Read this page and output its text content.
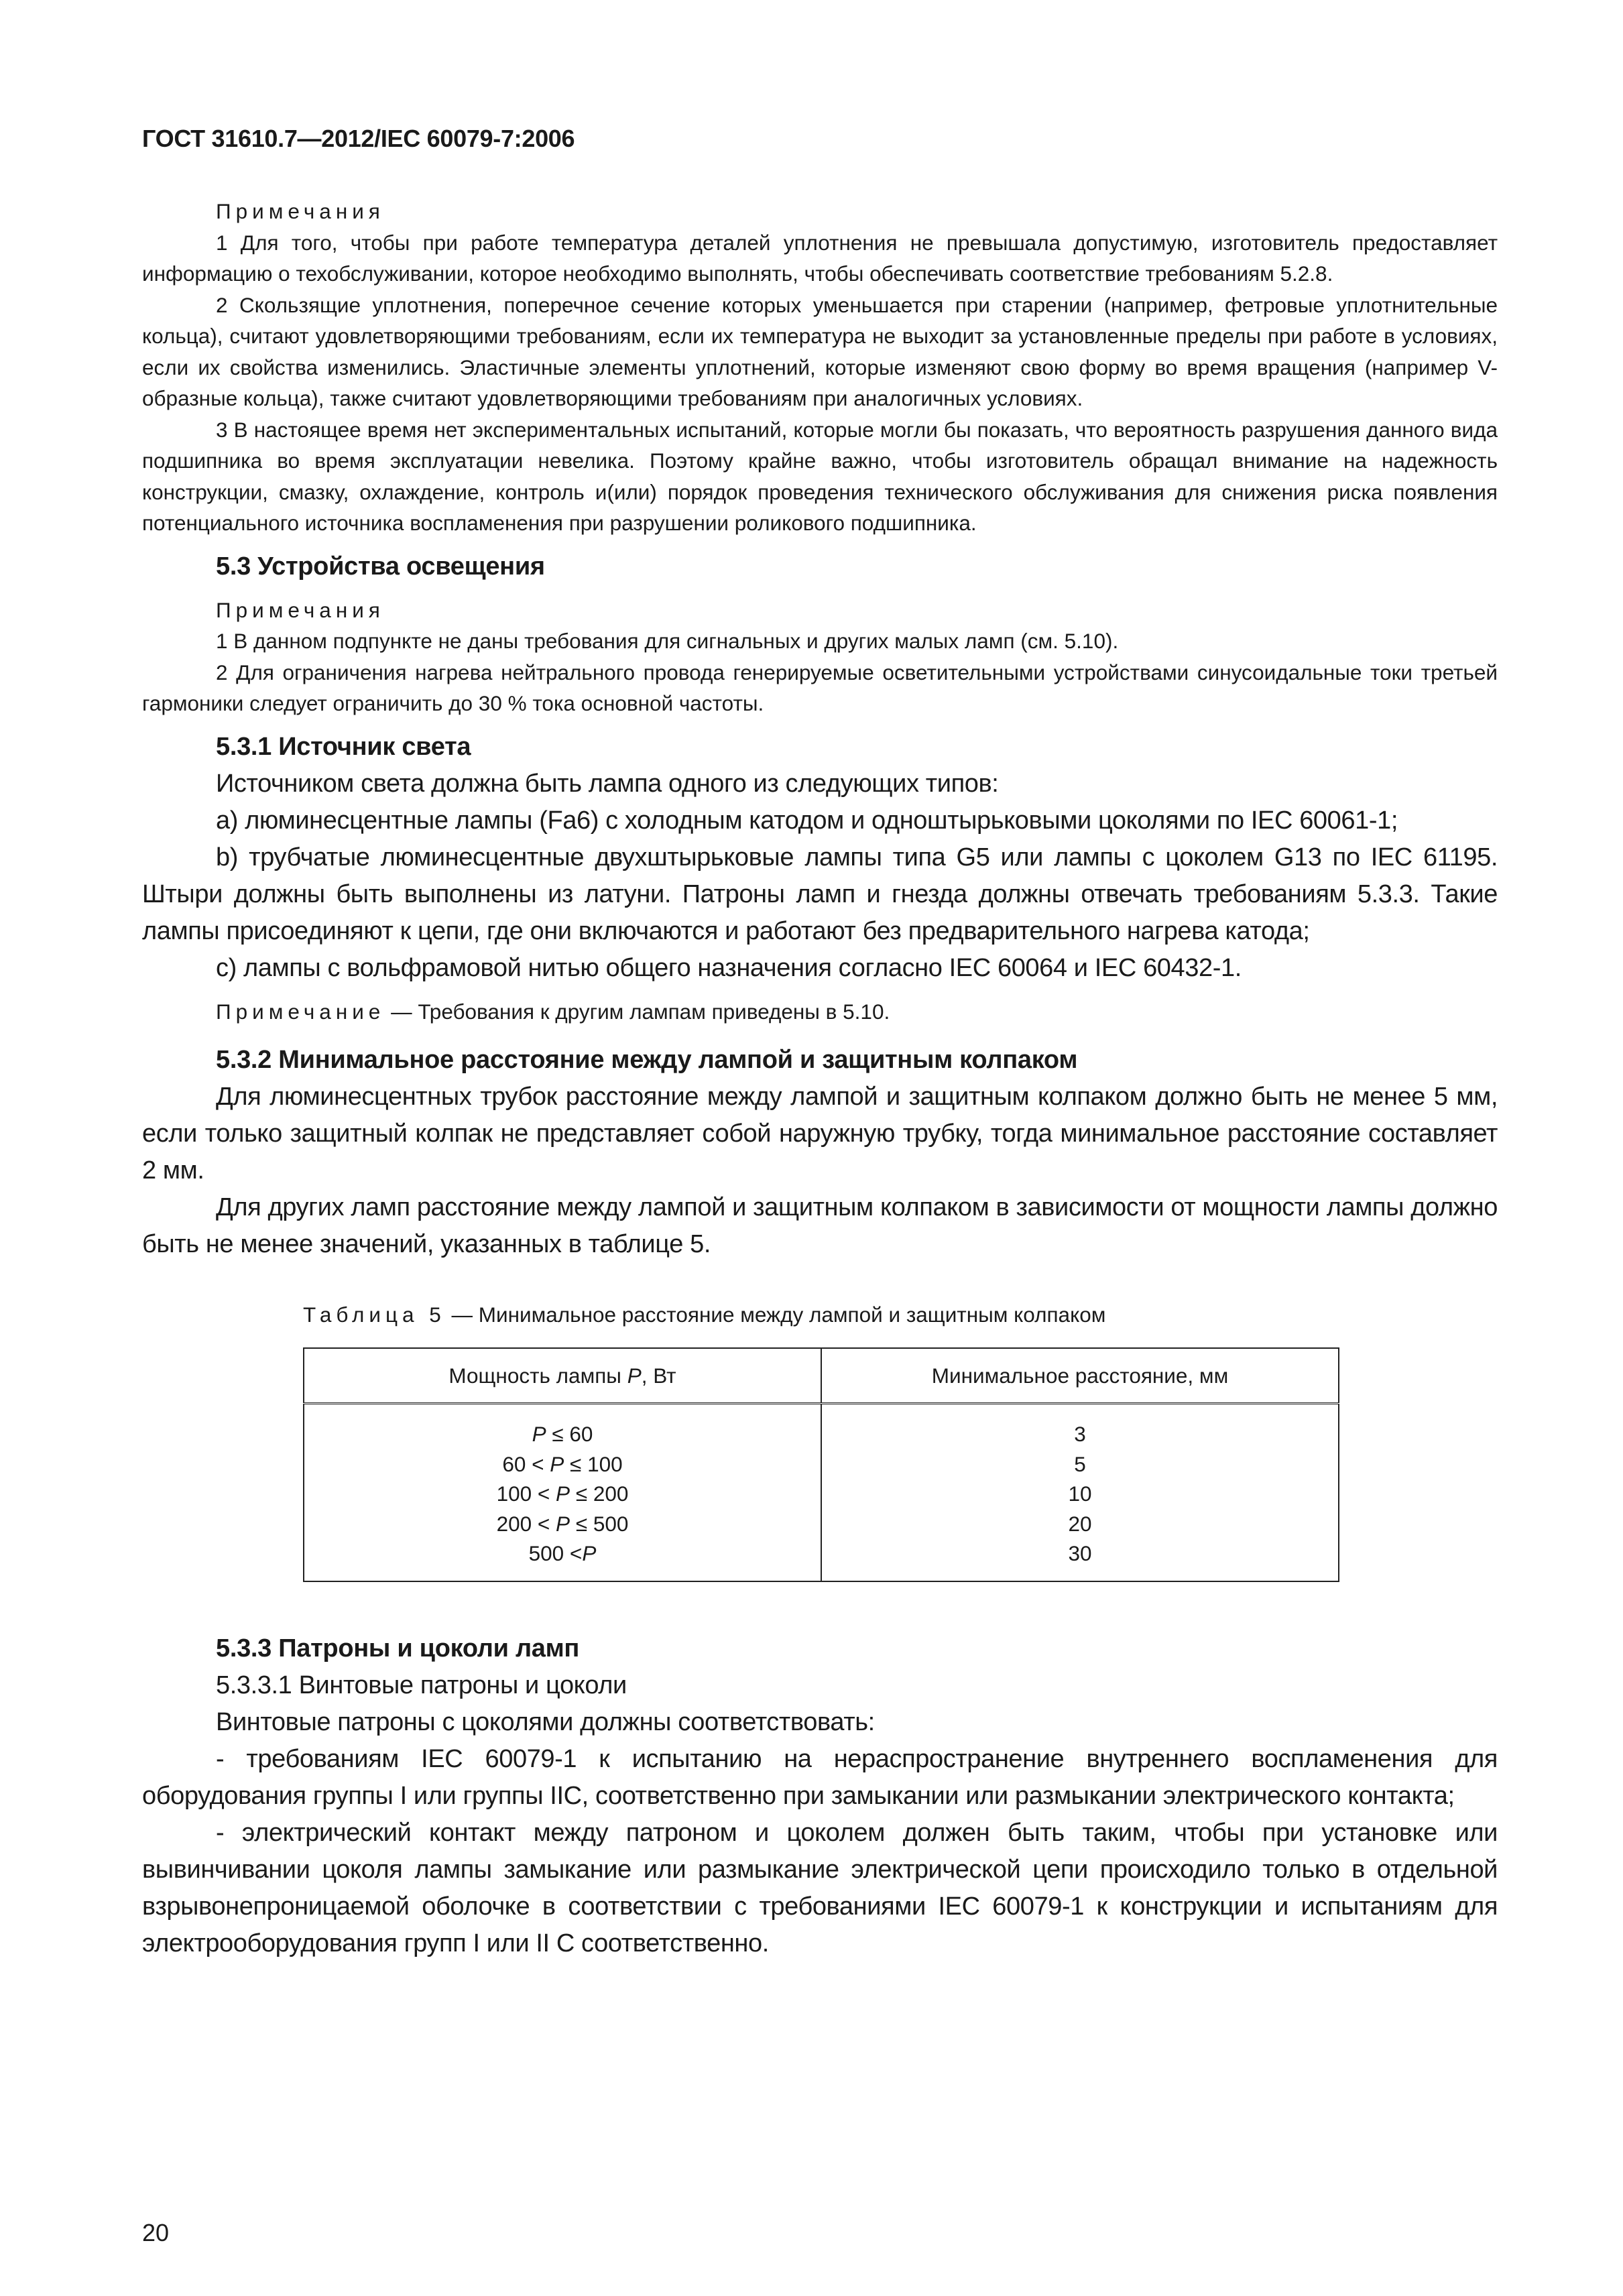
ГОСТ 31610.7—2012/IEC 60079-7:2006

Примечания

1 Для того, чтобы при работе температура деталей уплотнения не превышала допустимую, изготовитель предоставляет информацию о техобслуживании, которое необходимо выполнять, чтобы обеспечивать соответствие требованиям 5.2.8.

2 Скользящие уплотнения, поперечное сечение которых уменьшается при старении (например, фетровые уплотнительные кольца), считают удовлетворяющими требованиям, если их температура не выходит за установленные пределы при работе в условиях, если их свойства изменились. Эластичные элементы уплотнений, которые изменяют свою форму во время вращения (например V-образные кольца), также считают удовлетворяющими требованиям при аналогичных условиях.

3 В настоящее время нет экспериментальных испытаний, которые могли бы показать, что вероятность разрушения данного вида подшипника во время эксплуатации невелика. Поэтому крайне важно, чтобы изготовитель обращал внимание на надежность конструкции, смазку, охлаждение, контроль и(или) порядок проведения технического обслуживания для снижения риска появления потенциального источника воспламенения при разрушении роликового подшипника.

5.3 Устройства освещения

Примечания

1 В данном подпункте не даны требования для сигнальных и других малых ламп (см. 5.10).

2 Для ограничения нагрева нейтрального провода генерируемые осветительными устройствами синусоидальные токи третьей гармоники следует ограничить до 30 % тока основной частоты.

5.3.1 Источник света

Источником света должна быть лампа одного из следующих типов:

a) люминесцентные лампы (Fa6) с холодным катодом и одноштырьковыми цоколями по IEC 60061-1;

b) трубчатые люминесцентные двухштырьковые лампы типа G5 или лампы с цоколем G13 по IEC 61195. Штыри должны быть выполнены из латуни. Патроны ламп и гнезда должны отвечать требованиям 5.3.3. Такие лампы присоединяют к цепи, где они включаются и работают без предварительного нагрева катода;

c) лампы с вольфрамовой нитью общего назначения согласно IEC 60064 и IEC 60432-1.

Примечание — Требования к другим лампам приведены в 5.10.

5.3.2 Минимальное расстояние между лампой и защитным колпаком

Для люминесцентных трубок расстояние между лампой и защитным колпаком должно быть не менее 5 мм, если только защитный колпак не представляет собой наружную трубку, тогда минимальное расстояние составляет 2 мм.

Для других ламп расстояние между лампой и защитным колпаком в зависимости от мощности лампы должно быть не менее значений, указанных в таблице 5.

Таблица 5 — Минимальное расстояние между лампой и защитным колпаком
Мощность лампы Р, Вт	Минимальное расстояние, мм
Р ≤ 60	3
60 < Р ≤ 100	5
100 < Р ≤ 200	10
200 < Р ≤ 500	20
500 <Р	30
5.3.3 Патроны и цоколи ламп

5.3.3.1 Винтовые патроны и цоколи

Винтовые патроны с цоколями должны соответствовать:

- требованиям IEC 60079-1 к испытанию на нераспространение внутреннего воспламенения для оборудования группы I или группы IIС, соответственно при замыкании или размыкании электрического контакта;

- электрический контакт между патроном и цоколем должен быть таким, чтобы при установке или вывинчивании цоколя лампы замыкание или размыкание электрической цепи происходило только в отдельной взрывонепроницаемой оболочке в соответствии с требованиями IEC 60079-1 к конструкции и испытаниям для электрооборудования групп I или II С соответственно.

20
